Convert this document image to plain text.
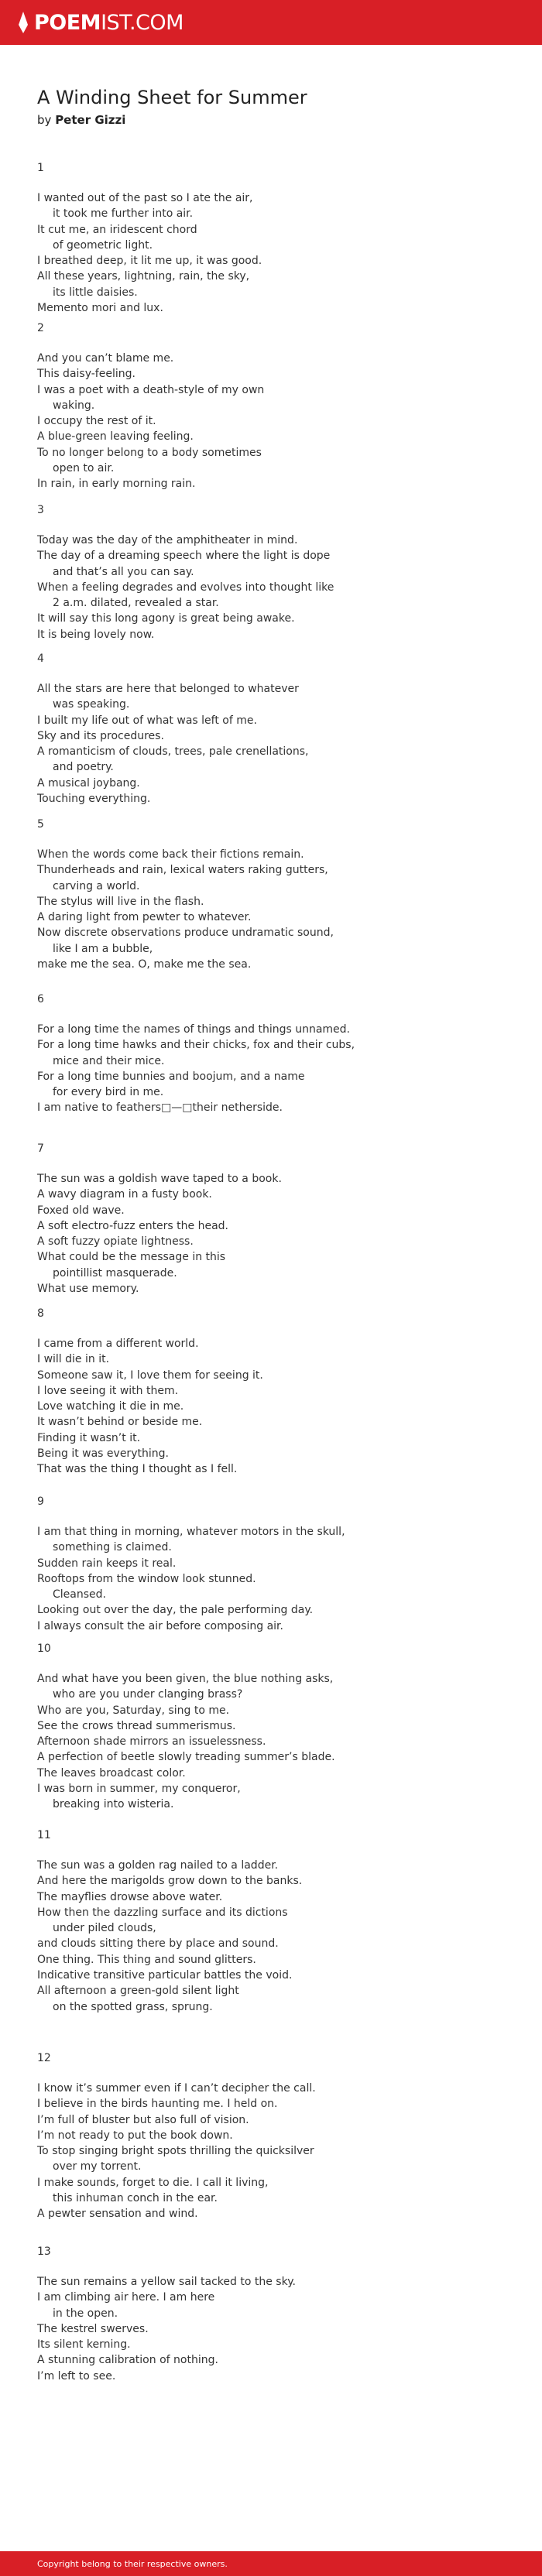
POEM IST.COM
A Winding Sheet for Summer
by Peter Gizzi
1
I wanted out of the past so I ate the air,
it took me further into air.
It cut me, an iridescent chord
of geometric light.
I breathed deep, it lit me up, it was good.
All these years, lightning, rain, the sky,
its little daisies.
Memento mori and lux.
2
And you can’t blame me.
This daisy-feeling.
I was a poet with a death-style of my own
waking.
I occupy the rest of it.
A blue-green leaving feeling.
To no longer belong to a body sometimes
open to air.
In rain, in early morning rain.
3
Today was the day of the amphitheater in mind.
The day of a dreaming speech where the light is dope
and that’s all you can say.
When a feeling degrades and evolves into thought like
2 a.m. dilated, revealed a star.
It will say this long agony is great being awake.
It is being lovely now.
4
All the stars are here that belonged to whatever
was speaking.
I built my life out of what was left of me.
Sky and its procedures.
A romanticism of clouds, trees, pale crenellations,
and poetry.
A musical joybang.
Touching everything.
5
When the words come back their fictions remain.
Thunderheads and rain, lexical waters raking gutters,
carving a world.
The stylus will live in the flash.
A daring light from pewter to whatever.
Now discrete observations produce undramatic sound,
like I am a bubble,
make me the sea. O, make me the sea.
6
For a long time the names of things and things unnamed.
For a long time hawks and their chicks, fox and their cubs,
mice and their mice.
For a long time bunnies and boojum, and a name
for every bird in me.
I am native to feathers□—□their netherside.
7
The sun was a goldish wave taped to a book.
A wavy diagram in a fusty book.
Foxed old wave.
A soft electro-fuzz enters the head.
A soft fuzzy opiate lightness.
What could be the message in this
pointillist masquerade.
What use memory.
8
I came from a different world.
I will die in it.
Someone saw it, I love them for seeing it.
I love seeing it with them.
Love watching it die in me.
It wasn’t behind or beside me.
Finding it wasn’t it.
Being it was everything.
That was the thing I thought as I fell.
9
I am that thing in morning, whatever motors in the skull,
something is claimed.
Sudden rain keeps it real.
Rooftops from the window look stunned.
Cleansed.
Looking out over the day, the pale performing day.
I always consult the air before composing air.
10
And what have you been given, the blue nothing asks,
who are you under clanging brass?
Who are you, Saturday, sing to me.
See the crows thread summerismus.
Afternoon shade mirrors an issuelessness.
A perfection of beetle slowly treading summer’s blade.
The leaves broadcast color.
I was born in summer, my conqueror,
breaking into wisteria.
11
The sun was a golden rag nailed to a ladder.
And here the marigolds grow down to the banks.
The mayflies drowse above water.
How then the dazzling surface and its dictions
under piled clouds,
and clouds sitting there by place and sound.
One thing. This thing and sound glitters.
Indicative transitive particular battles the void.
All afternoon a green-gold silent light
on the spotted grass, sprung.
12
I know it’s summer even if I can’t decipher the call.
I believe in the birds haunting me. I held on.
I’m full of bluster but also full of vision.
I’m not ready to put the book down.
To stop singing bright spots thrilling the quicksilver
over my torrent.
I make sounds, forget to die. I call it living,
this inhuman conch in the ear.
A pewter sensation and wind.
13
The sun remains a yellow sail tacked to the sky.
I am climbing air here. I am here
in the open.
The kestrel swerves.
Its silent kerning.
A stunning calibration of nothing.
I’m left to see.
Copyright belong to their respective owners.
